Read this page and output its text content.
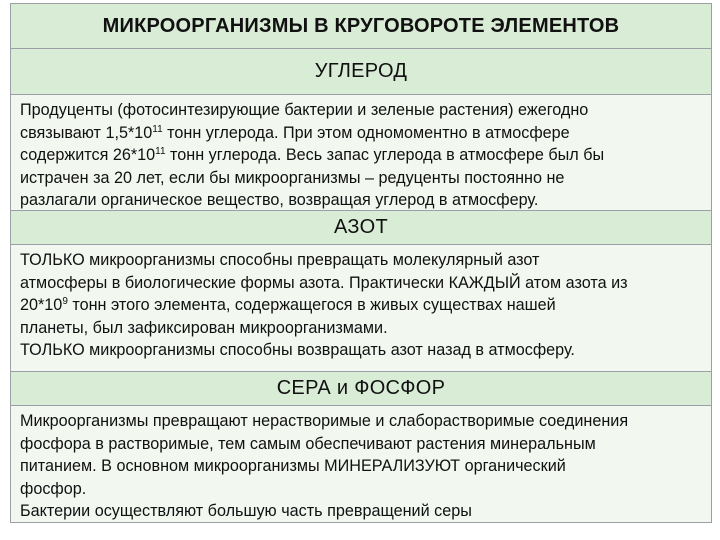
МИКРООРГАНИЗМЫ В КРУГОВОРОТЕ ЭЛЕМЕНТОВ
УГЛЕРОД
Продуценты (фотосинтезирующие бактерии и зеленые растения) ежегодно
связывают $1,5*10^{11}$ тонн углерода. При этом одномоментно в атмосфере
содержится $26*10^{11}$ тонн углерода. Весь запас углерода в атмосфере был бы
истрачен за 20 лет, если бы микроорганизмы – редуценты постоянно не
разлагали органическое вещество, возвращая углерод в атмосферу.
АЗОТ
ТОЛЬКО микроорганизмы способны превращать молекулярный азот
атмосферы в биологические формы азота. Практически КАЖДЫЙ атом азота из
$20*10^9$ тонн этого элемента, содержащегося в живых существах нашей
планеты, был зафиксирован микроорганизмами.
ТОЛЬКО микроорганизмы способны возвращать азот назад в атмосферу.
СЕРА и ФОСФОР
Микроорганизмы превращают нерастворимые и слаборастворимые соединения
фосфора в растворимые, тем самым обеспечивают растения минеральным
питанием. В основном микроорганизмы МИНЕРАЛИЗУЮТ органический
фосфор.
Бактерии осуществляют большую часть превращений серы
